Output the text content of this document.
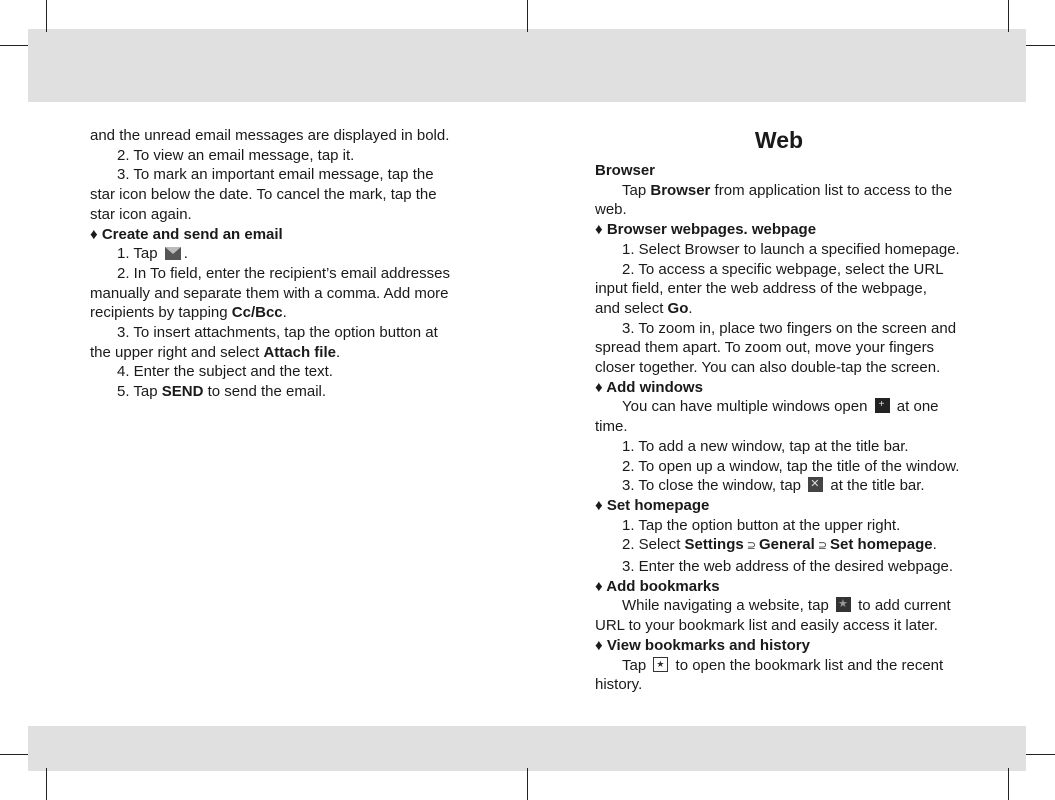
and the unread email messages are displayed in bold.

2. To view an email message, tap it.

3. To mark an important email message, tap the

star icon below the date. To cancel the mark, tap the

star icon again.

♦ Create and send an email

1. Tap .

2. In To field, enter the recipient’s email addresses

manually and separate them with a comma. Add more

recipients by tapping Cc/Bcc.

3. To insert attachments, tap the option button at

the upper right and select Attach file.

4. Enter the subject and the text.

5. Tap SEND to send the email.

Web

Browser

Tap Browser from application list to access to the

web.

♦ Browser webpages. webpage

1. Select Browser to launch a specified homepage.

2. To access a specific webpage, select the URL

input field, enter the web address of the webpage,

and select Go.

3. To zoom in, place two fingers on the screen and

spread them apart. To zoom out, move your fingers

closer together. You can also double-tap the screen.

♦ Add windows

You can have multiple windows open + at one

time.

1. To add a new window, tap at the title bar.

2. To open up a window, tap the title of the window.

3. To close the window, tap ✕ at the title bar.

♦ Set homepage

1. Tap the option button at the upper right.

2. Select Settings ⊇ General ⊇ Set homepage.

3. Enter the web address of the desired webpage.

♦ Add bookmarks

While navigating a website, tap ★ to add current

URL to your bookmark list and easily access it later.

♦ View bookmarks and history

Tap ★ to open the bookmark list and the recent

history.
